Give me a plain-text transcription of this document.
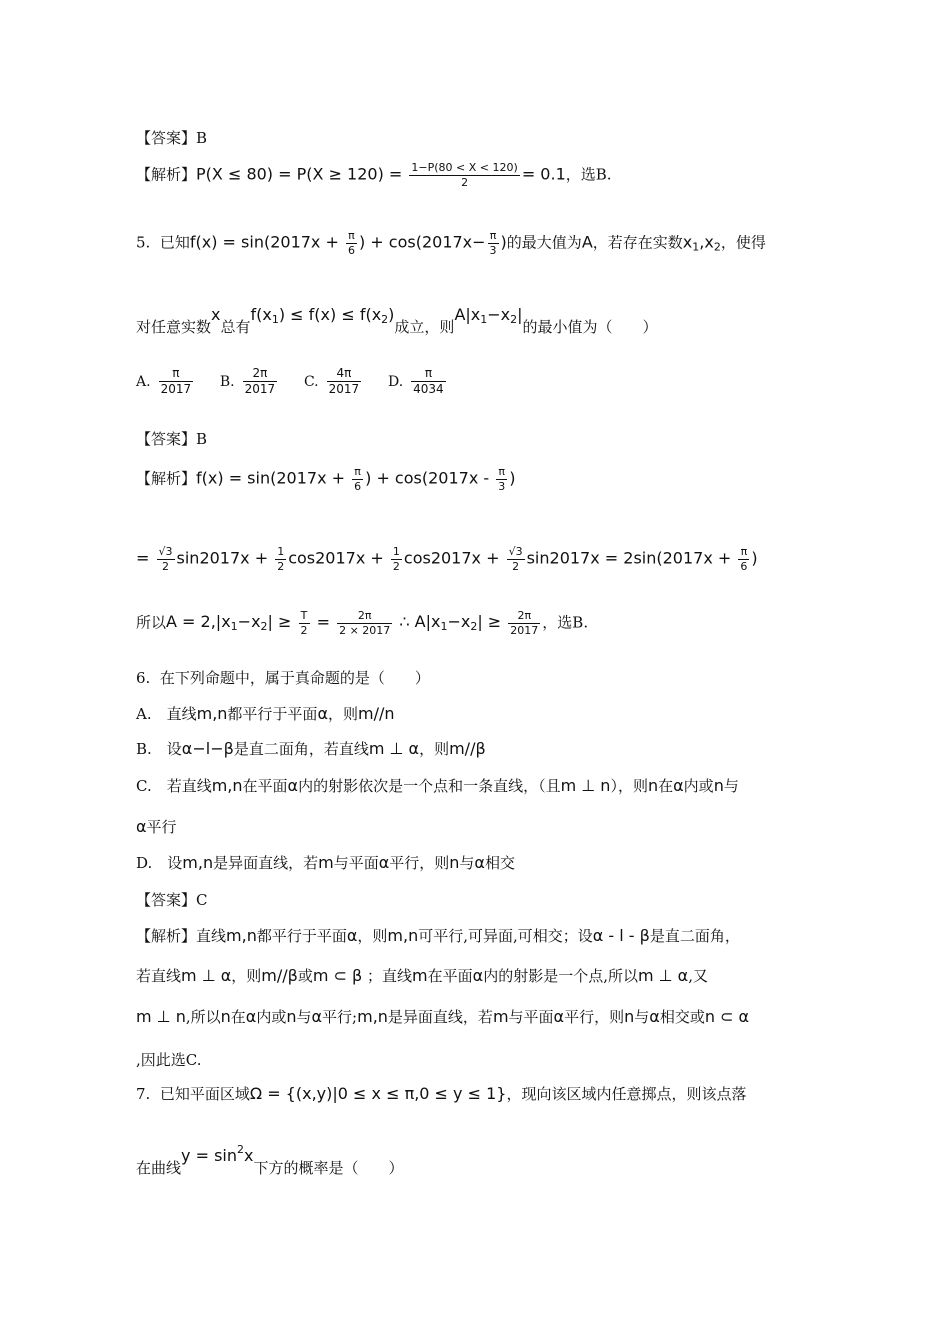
【答案】B
【解析】$P(X \le 80) = P(X \ge 120) = \frac{1-P(80 < X < 120)}{2} = 0.1$，选B.
5. 已知$f(x) = \sin(2017x + \frac{\pi}{6}$ ) + $\cos(2017x- \frac{\pi}{3}$ )的最大值为A，若存在实数$x_1,x_2$，使得
对任意实数x总有$f(x_1) \le f(x) \le f(x_2)$成立，则$A|x_1-x_2|$的最小值为（　　）
A. $\frac{\pi}{2017} B$. $\frac{2\pi}{2017} C$. $\frac{4\pi}{2017} D$. $\frac{\pi}{4034}$
【答案】B
【解析】$f(x) = \sin(2017x + \frac{\pi}{6}$ ) + $\cos(2017x - \frac{\pi}{3}$ )
= $\frac{√3}{2} \sin 2017x + \frac{1}{2} \cos 2017x + \frac{1}{2} \cos 2017x + \frac{√3}{2} \sin 2017x = 2\sin(2017x + \frac{\pi}{6}$ )
所以$A = 2,|x_1-x_2| \ge \frac{T}{2} = \frac{2\pi}{2 \times 2017}$ ∴ $A|x_1-x_2| \ge \frac{2\pi}{2017}$ ，选B.
6. 在下列命题中，属于真命题的是（　　）
A.　直线m,n都平行于平面α，则m//n
B.　设α−l−β是直二面角，若直线m ⊥ α，则m//β
C.　若直线m,n在平面α内的射影依次是一个点和一条直线，（且m ⊥ n），则n在α内或n与
α平行
D.　设m,n是异面直线，若m与平面α平行，则n与α相交
【答案】C
【解析】直线m,n都平行于平面α，则m,n可平行,可异面,可相交；设α - l - β是直二面角，
若直线m ⊥ α，则m//β或m ⊂ β ；直线m在平面α内的射影是一个点,所以m ⊥ α,又
m ⊥ n,所以n在α内或n与α平行;m,n是异面直线，若m与平面α平行，则n与α相交或n ⊂ α
,因此选C.
7. 已知平面区域Ω = {(x,y)|0 ≤ x ≤ π,0 ≤ y ≤ 1}，现向该区域内任意掷点，则该点落
在曲线$y = \sin^2x$下方的概率是（　　）
